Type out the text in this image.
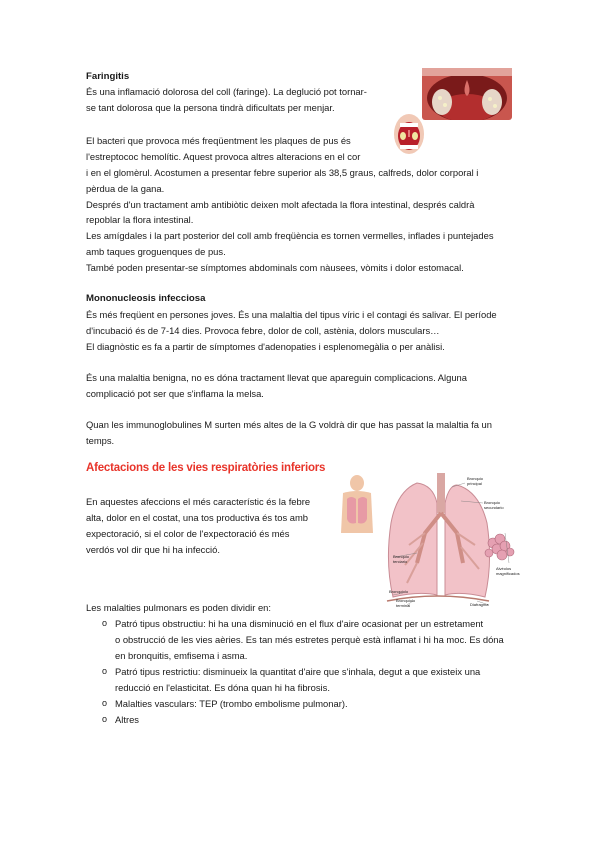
Faringitis
És una inflamació dolorosa del coll (faringe). La deglució pot tornar-
se tant dolorosa que la persona tindrà dificultats per menjar.
El bacteri que provoca més freqüentment les plaques de pus és
l'estreptococ hemolític. Aquest provoca altres alteracions en el cor
i en el glomèrul. Acostumen a presentar febre superior als 38,5 graus, calfreds, dolor corporal i
pèrdua de la gana.
Després d'un tractament amb antibiòtic deixen molt afectada la flora intestinal, després caldrà
repoblar la flora intestinal.
Les amígdales i la part posterior del coll amb freqüència es tornen vermelles, inflades i puntejades
amb taques groguenques de pus.
També poden presentar-se símptomes abdominals com nàusees, vòmits i dolor estomacal.
Mononucleosis infecciosa
És més freqüent en persones joves. És una malaltia del tipus víric i el contagi és salivar. El període
d'incubació és de 7-14 dies. Provoca febre, dolor de coll, astènia, dolors musculars…
El diagnòstic es fa a partir de símptomes d'adenopaties i esplenomegàlia o per anàlisi.
És una malaltia benigna, no es dóna tractament llevat que apareguin complicacions. Alguna
complicació pot ser que s'inflama la melsa.
Quan les immunoglobulines M surten més altes de la G voldrà dir que has passat la malaltia fa un
temps.
Afectacions de les vies respiratòries inferiors
En aquestes afeccions el més característic és la febre
alta, dolor en el costat, una tos productiva és tos amb
expectoració, si el color de l'expectoració és més
verdós vol dir que hi ha infecció.
Bronquio principal
Bronquio secundario
Bronquio terciario
Bronquiolo
Bronquiolo terminal	Diafragma
Alvéolos magnificados
Les malalties pulmonars es poden dividir en:
o Patró tipus obstructiu: hi ha una disminució en el flux d'aire ocasionat per un estretament
o obstrucció de les vies aèries. Es tan més estretes perquè està inflamat i hi ha moc. Es dóna
en bronquitis, emfisema i asma.
o Patró tipus restrictiu: disminueix la quantitat d'aire que s'inhala, degut a que existeix una
reducció en l'elasticitat. Es dóna quan hi ha fibrosis.
o Malalties vasculars: TEP (trombo embolisme pulmonar).
o Altres
